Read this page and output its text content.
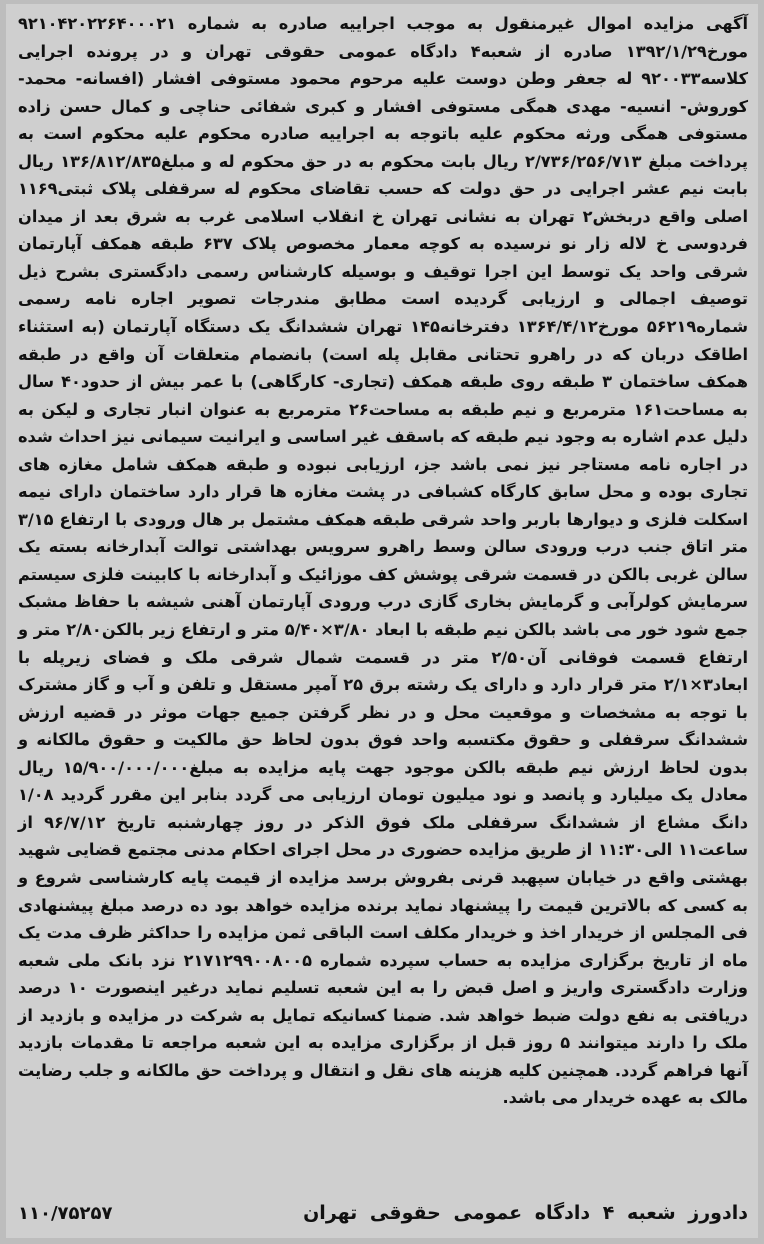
آگهی مزایده اموال غیرمنقول به موجب اجراییه صادره به شماره ۹۲۱۰۴۲۰۲۲۶۴۰۰۰۲۱ مورخ۱۳۹۲/۱/۲۹ صادره از شعبه۴ دادگاه عمومی حقوقی تهران و در پرونده اجرایی کلاسه۹۲۰۰۳۳ له جعفر وطن دوست علیه مرحوم محمود مستوفی افشار (افسانه- محمد- کوروش- انسیه- مهدی همگی مستوفی افشار و کبری شفائی حناچی و کمال حسن زاده مستوفی همگی ورثه محکوم علیه باتوجه به اجراییه صادره محکوم علیه محکوم است به پرداخت مبلغ ۲/۷۳۶/۲۵۶/۷۱۳ ریال بابت محکوم به در حق محکوم له و مبلغ۱۳۶/۸۱۲/۸۳۵ ریال بابت نیم عشر اجرایی در حق دولت که حسب تقاضای محکوم له سرقفلی پلاک ثبتی۱۱۶۹ اصلی واقع دربخش۲ تهران به نشانی تهران خ انقلاب اسلامی غرب به شرق بعد از میدان فردوسی خ لاله زار نو نرسیده به کوچه معمار مخصوص پلاک ۶۳۷ طبقه همکف آپارتمان شرقی واحد یک توسط این اجرا توقیف و بوسیله کارشناس رسمی دادگستری بشرح ذیل توصیف اجمالی و ارزیابی گردیده است مطابق مندرجات تصویر اجاره نامه رسمی شماره۵۶۲۱۹ مورخ۱۳۶۴/۴/۱۲ دفترخانه۱۴۵ تهران ششدانگ یک دستگاه آپارتمان (به استثناء اطاقک دربان که در راهرو تحتانی مقابل پله است) بانضمام متعلقات آن واقع در طبقه همکف ساختمان ۳ طبقه روی طبقه همکف (تجاری- کارگاهی) با عمر بیش از حدود۴۰ سال به مساحت۱۶۱ مترمربع و نیم طبقه به مساحت۲۶ مترمربع به عنوان انبار تجاری و لیکن به دلیل عدم اشاره به وجود نیم طبقه که باسقف غیر اساسی و ایرانیت سیمانی نیز احداث شده در اجاره نامه مستاجر نیز نمی باشد جز، ارزیابی نبوده و طبقه همکف شامل مغازه های تجاری بوده و محل سابق کارگاه کشبافی در پشت مغازه ها قرار دارد ساختمان دارای نیمه اسکلت فلزی و دیوارها باربر واحد شرقی طبقه همکف مشتمل بر هال ورودی با ارتفاع ۳/۱۵ متر اتاق جنب درب ورودی سالن وسط راهرو سرویس بهداشتی توالت آبدارخانه بسته یک سالن غربی بالکن در قسمت شرقی پوشش کف موزائیک و آبدارخانه با کابینت فلزی سیستم سرمایش کولرآبی و گرمایش بخاری گازی درب ورودی آپارتمان آهنی شیشه با حفاظ مشبک جمع شود خور می باشد بالکن نیم طبقه با ابعاد ۳/۸۰×۵/۴۰ متر و ارتفاع زیر بالکن۲/۸۰ متر و ارتفاع قسمت فوقانی آن۲/۵۰ متر در قسمت شمال شرقی ملک و فضای زیرپله با ابعاد۳×۲/۱ متر قرار دارد و دارای یک رشته برق ۲۵ آمپر مستقل و تلفن و آب و گاز مشترک با توجه به مشخصات و موقعیت محل و در نظر گرفتن جمیع جهات موثر در قضیه ارزش ششدانگ سرقفلی و حقوق مکتسبه واحد فوق بدون لحاظ حق مالکیت و حقوق مالکانه و بدون لحاظ ارزش نیم طبقه بالکن موجود جهت پایه مزایده به مبلغ۱۵/۹۰۰/۰۰۰/۰۰۰ ریال معادل یک میلیارد و پانصد و نود میلیون تومان ارزیابی می گردد بنابر این مقرر گردید ۱/۰۸ دانگ مشاع از ششدانگ سرقفلی ملک فوق الذکر در روز چهارشنبه تاریخ ۹۶/۷/۱۲ از ساعت۱۱ الی۱۱:۳۰ از طریق مزایده حضوری در محل اجرای احکام مدنی مجتمع قضایی شهید بهشتی واقع در خیابان سپهبد قرنی بفروش برسد مزایده از قیمت پایه کارشناسی شروع و به کسی که بالاترین قیمت را پیشنهاد نماید برنده مزایده خواهد بود ده درصد مبلغ پیشنهادی فی المجلس از خریدار اخذ و خریدار مکلف است الباقی ثمن مزایده را حداکثر ظرف مدت یک ماه از تاریخ برگزاری مزایده به حساب سپرده شماره ۲۱۷۱۲۹۹۰۰۸۰۰۵ نزد بانک ملی شعبه وزارت دادگستری واریز و اصل قبض را به این شعبه تسلیم نماید درغیر اینصورت ۱۰ درصد دریافتی به نفع دولت ضبط خواهد شد. ضمنا کسانیکه تمایل به شرکت در مزایده و بازدید از ملک را دارند میتوانند ۵ روز قبل از برگزاری مزایده به این شعبه مراجعه تا مقدمات بازدید آنها فراهم گردد. همچنین کلیه هزینه های نقل و انتقال و پرداخت حق مالکانه و جلب رضایت مالک به عهده خریدار می باشد.

دادورز شعبه ۴ دادگاه عمومی حقوقی تهران
۱۱۰/۷۵۲۵۷
